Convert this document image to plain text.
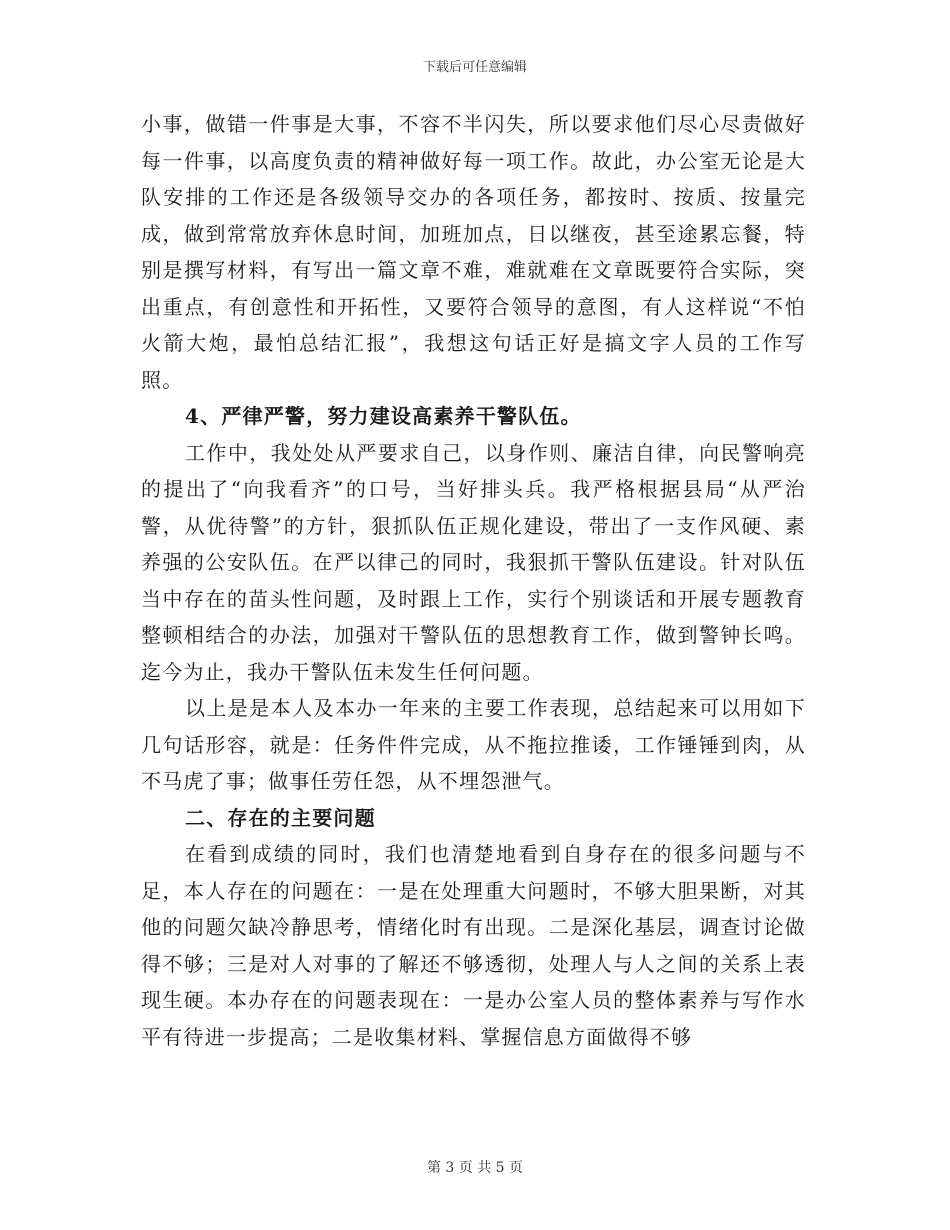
下载后可任意编辑

小事，做错一件事是大事，不容不半闪失，所以要求他们尽心尽责做好每一件事，以高度负责的精神做好每一项工作。故此，办公室无论是大队安排的工作还是各级领导交办的各项任务，都按时、按质、按量完成，做到常常放弃休息时间，加班加点，日以继夜，甚至途累忘餐，特别是撰写材料，有写出一篇文章不难，难就难在文章既要符合实际，突出重点，有创意性和开拓性，又要符合领导的意图，有人这样说“不怕火箭大炮，最怕总结汇报”，我想这句话正好是搞文字人员的工作写照。

4、严律严警，努力建设高素养干警队伍。

工作中，我处处从严要求自己，以身作则、廉洁自律，向民警响亮的提出了“向我看齐”的口号，当好排头兵。我严格根据县局“从严治警，从优待警”的方针，狠抓队伍正规化建设，带出了一支作风硬、素养强的公安队伍。在严以律己的同时，我狠抓干警队伍建设。针对队伍当中存在的苗头性问题，及时跟上工作，实行个别谈话和开展专题教育整顿相结合的办法，加强对干警队伍的思想教育工作，做到警钟长鸣。迄今为止，我办干警队伍未发生任何问题。

以上是是本人及本办一年来的主要工作表现，总结起来可以用如下几句话形容，就是：任务件件完成，从不拖拉推诿，工作锤锤到肉，从不马虎了事；做事任劳任怨，从不埋怨泄气。

二、存在的主要问题

在看到成绩的同时，我们也清楚地看到自身存在的很多问题与不足，本人存在的问题在：一是在处理重大问题时，不够大胆果断，对其他的问题欠缺冷静思考，情绪化时有出现。二是深化基层，调查讨论做得不够；三是对人对事的了解还不够透彻，处理人与人之间的关系上表现生硬。本办存在的问题表现在：一是办公室人员的整体素养与写作水平有待进一步提高；二是收集材料、掌握信息方面做得不够

第 3 页 共 5 页
